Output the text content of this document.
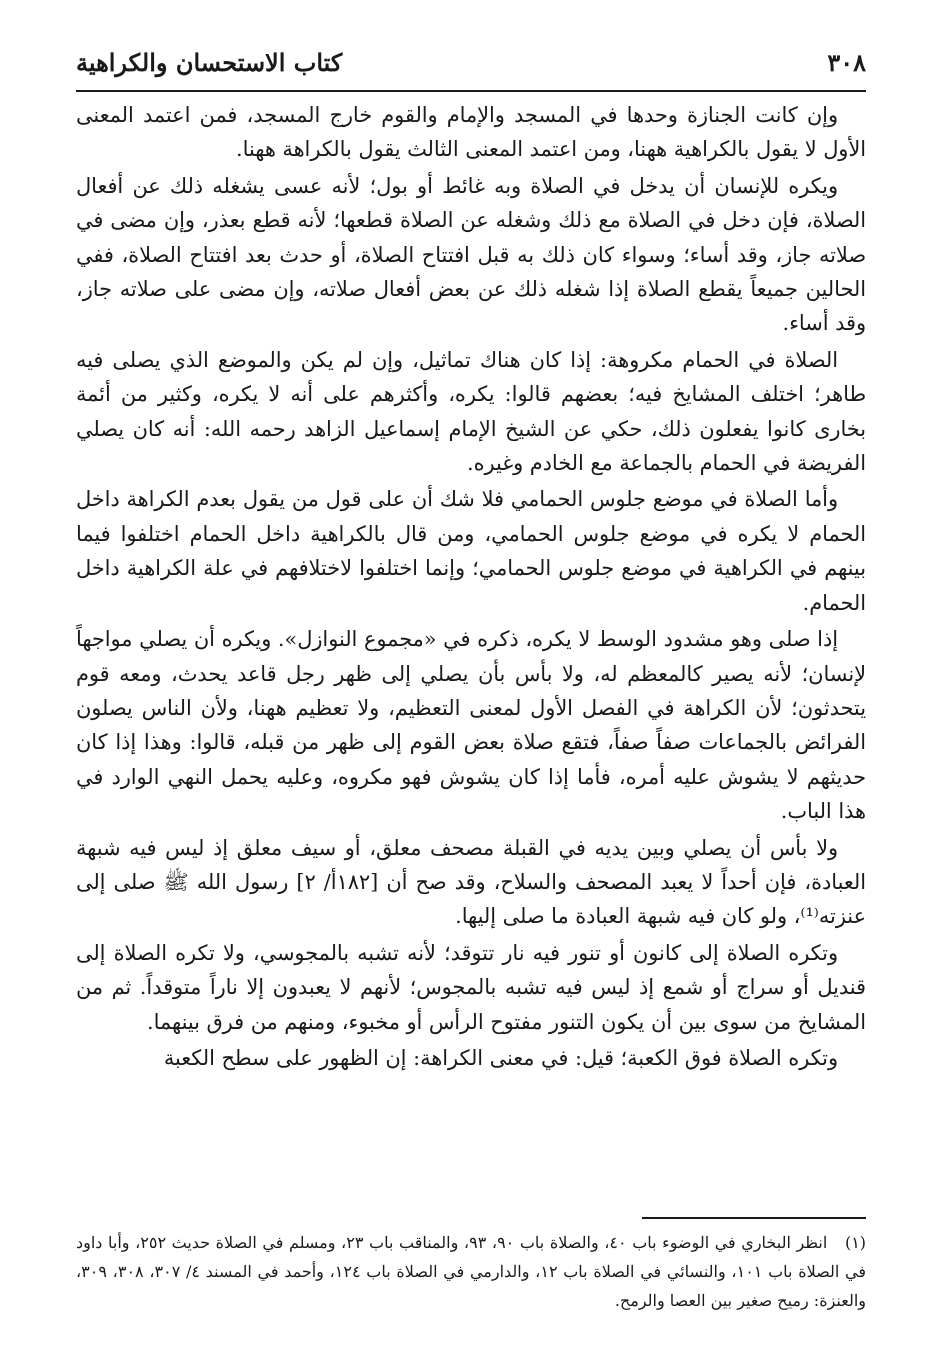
٣٠٨
كتاب الاستحسان والكراهية

وإن كانت الجنازة وحدها في المسجد والإمام والقوم خارج المسجد، فمن اعتمد المعنى الأول لا يقول بالكراهية ههنا، ومن اعتمد المعنى الثالث يقول بالكراهة ههنا.

ويكره للإنسان أن يدخل في الصلاة وبه غائط أو بول؛ لأنه عسى يشغله ذلك عن أفعال الصلاة، فإن دخل في الصلاة مع ذلك وشغله عن الصلاة قطعها؛ لأنه قطع بعذر، وإن مضى في صلاته جاز، وقد أساء؛ وسواء كان ذلك به قبل افتتاح الصلاة، أو حدث بعد افتتاح الصلاة، ففي الحالين جميعاً يقطع الصلاة إذا شغله ذلك عن بعض أفعال صلاته، وإن مضى على صلاته جاز، وقد أساء.

الصلاة في الحمام مكروهة: إذا كان هناك تماثيل، وإن لم يكن والموضع الذي يصلى فيه طاهر؛ اختلف المشايخ فيه؛ بعضهم قالوا: يكره، وأكثرهم على أنه لا يكره، وكثير من أئمة بخارى كانوا يفعلون ذلك، حكي عن الشيخ الإمام إسماعيل الزاهد رحمه الله: أنه كان يصلي الفريضة في الحمام بالجماعة مع الخادم وغيره.

وأما الصلاة في موضع جلوس الحمامي فلا شك أن على قول من يقول بعدم الكراهة داخل الحمام لا يكره في موضع جلوس الحمامي، ومن قال بالكراهية داخل الحمام اختلفوا فيما بينهم في الكراهية في موضع جلوس الحمامي؛ وإنما اختلفوا لاختلافهم في علة الكراهية داخل الحمام.

إذا صلى وهو مشدود الوسط لا يكره، ذكره في «مجموع النوازل». ويكره أن يصلي مواجهاً لإنسان؛ لأنه يصير كالمعظم له، ولا بأس بأن يصلي إلى ظهر رجل قاعد يحدث، ومعه قوم يتحدثون؛ لأن الكراهة في الفصل الأول لمعنى التعظيم، ولا تعظيم ههنا، ولأن الناس يصلون الفرائض بالجماعات صفاً صفاً، فتقع صلاة بعض القوم إلى ظهر من قبله، قالوا: وهذا إذا كان حديثهم لا يشوش عليه أمره، فأما إذا كان يشوش فهو مكروه، وعليه يحمل النهي الوارد في هذا الباب.

ولا بأس أن يصلي وبين يديه في القبلة مصحف معلق، أو سيف معلق إذ ليس فيه شبهة العبادة، فإن أحداً لا يعبد المصحف والسلاح، وقد صح أن [١٨٢أ/ ٢] رسول الله ﷺ صلى إلى عنزته⁽¹⁾، ولو كان فيه شبهة العبادة ما صلى إليها.

وتكره الصلاة إلى كانون أو تنور فيه نار تتوقد؛ لأنه تشبه بالمجوسي، ولا تكره الصلاة إلى قنديل أو سراج أو شمع إذ ليس فيه تشبه بالمجوس؛ لأنهم لا يعبدون إلا ناراً متوقداً. ثم من المشايخ من سوى بين أن يكون التنور مفتوح الرأس أو مخبوء، ومنهم من فرق بينهما.

وتكره الصلاة فوق الكعبة؛ قيل: في معنى الكراهة: إن الظهور على سطح الكعبة

(١) انظر البخاري في الوضوء باب ٤٠، والصلاة باب ٩٠، ٩٣، والمناقب باب ٢٣، ومسلم في الصلاة حديث ٢٥٢، وأبا داود في الصلاة باب ١٠١، والنسائي في الصلاة باب ١٢، والدارمي في الصلاة باب ١٢٤، وأحمد في المسند ٤/ ٣٠٧، ٣٠٨، ٣٠٩، والعنزة: رميح صغير بين العصا والرمح.
